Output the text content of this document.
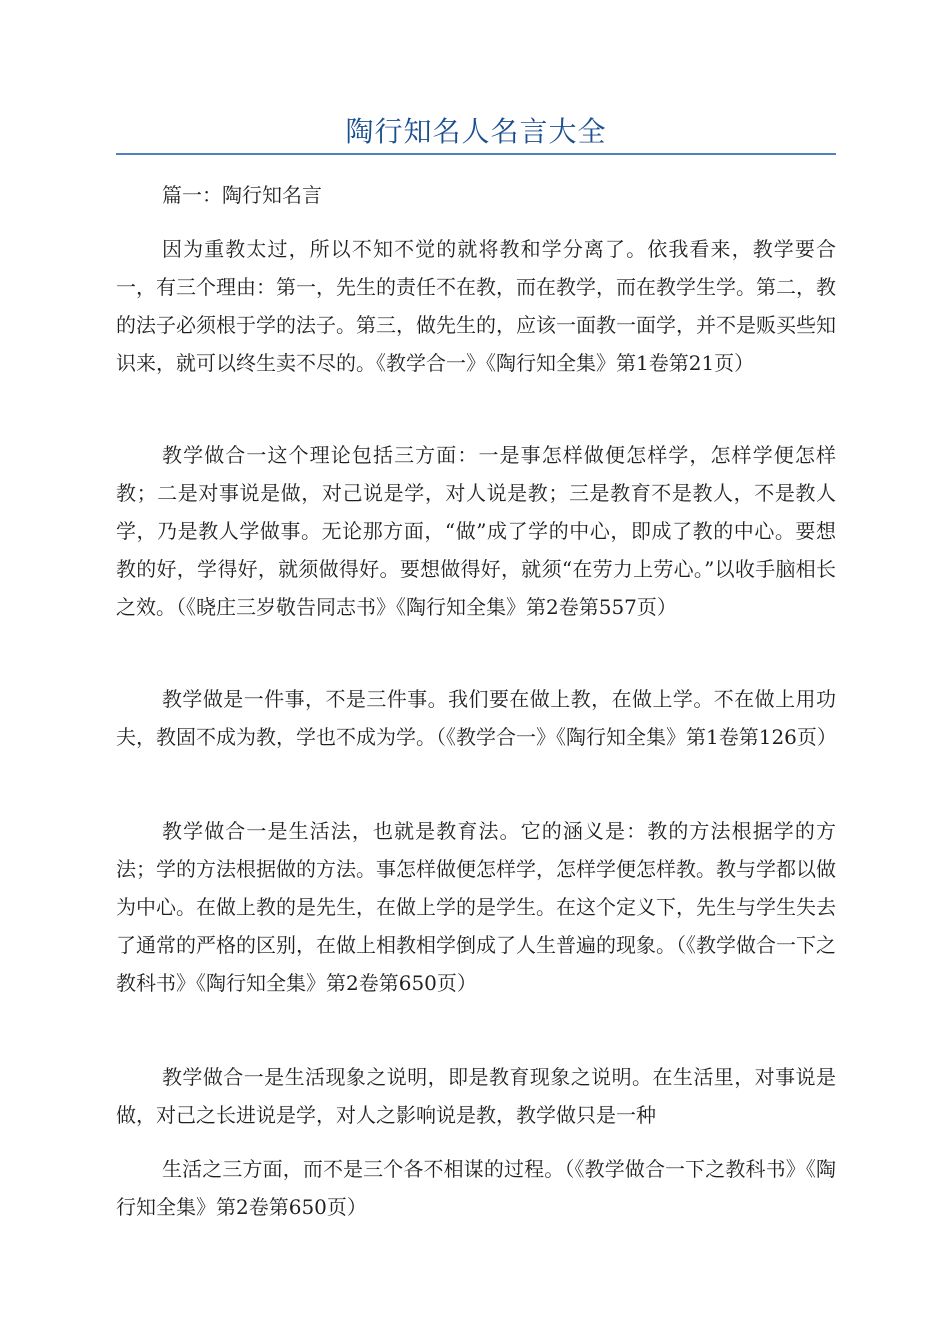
陶行知名人名言大全
篇一：陶行知名言

因为重教太过，所以不知不觉的就将教和学分离了。依我看来，教学要合一，有三个理由：第一，先生的责任不在教，而在教学，而在教学生学。第二，教的法子必须根于学的法子。第三，做先生的，应该一面教一面学，并不是贩买些知识来，就可以终生卖不尽的。《教学合一》《陶行知全集》第1卷第21页）

教学做合一这个理论包括三方面：一是事怎样做便怎样学，怎样学便怎样教；二是对事说是做，对己说是学，对人说是教；三是教育不是教人，不是教人学，乃是教人学做事。无论那方面，“做”成了学的中心，即成了教的中心。要想教的好，学得好，就须做得好。要想做得好，就须“在劳力上劳心。”以收手脑相长之效。（《晓庄三岁敬告同志书》《陶行知全集》第2卷第557页）

教学做是一件事，不是三件事。我们要在做上教，在做上学。不在做上用功夫，教固不成为教，学也不成为学。（《教学合一》《陶行知全集》第1卷第126页）

教学做合一是生活法，也就是教育法。它的涵义是：教的方法根据学的方法；学的方法根据做的方法。事怎样做便怎样学，怎样学便怎样教。教与学都以做为中心。在做上教的是先生，在做上学的是学生。在这个定义下，先生与学生失去了通常的严格的区别，在做上相教相学倒成了人生普遍的现象。（《教学做合一下之教科书》《陶行知全集》第2卷第650页）

教学做合一是生活现象之说明，即是教育现象之说明。在生活里，对事说是做，对己之长进说是学，对人之影响说是教，教学做只是一种

生活之三方面，而不是三个各不相谋的过程。（《教学做合一下之教科书》《陶行知全集》第2卷第650页）
